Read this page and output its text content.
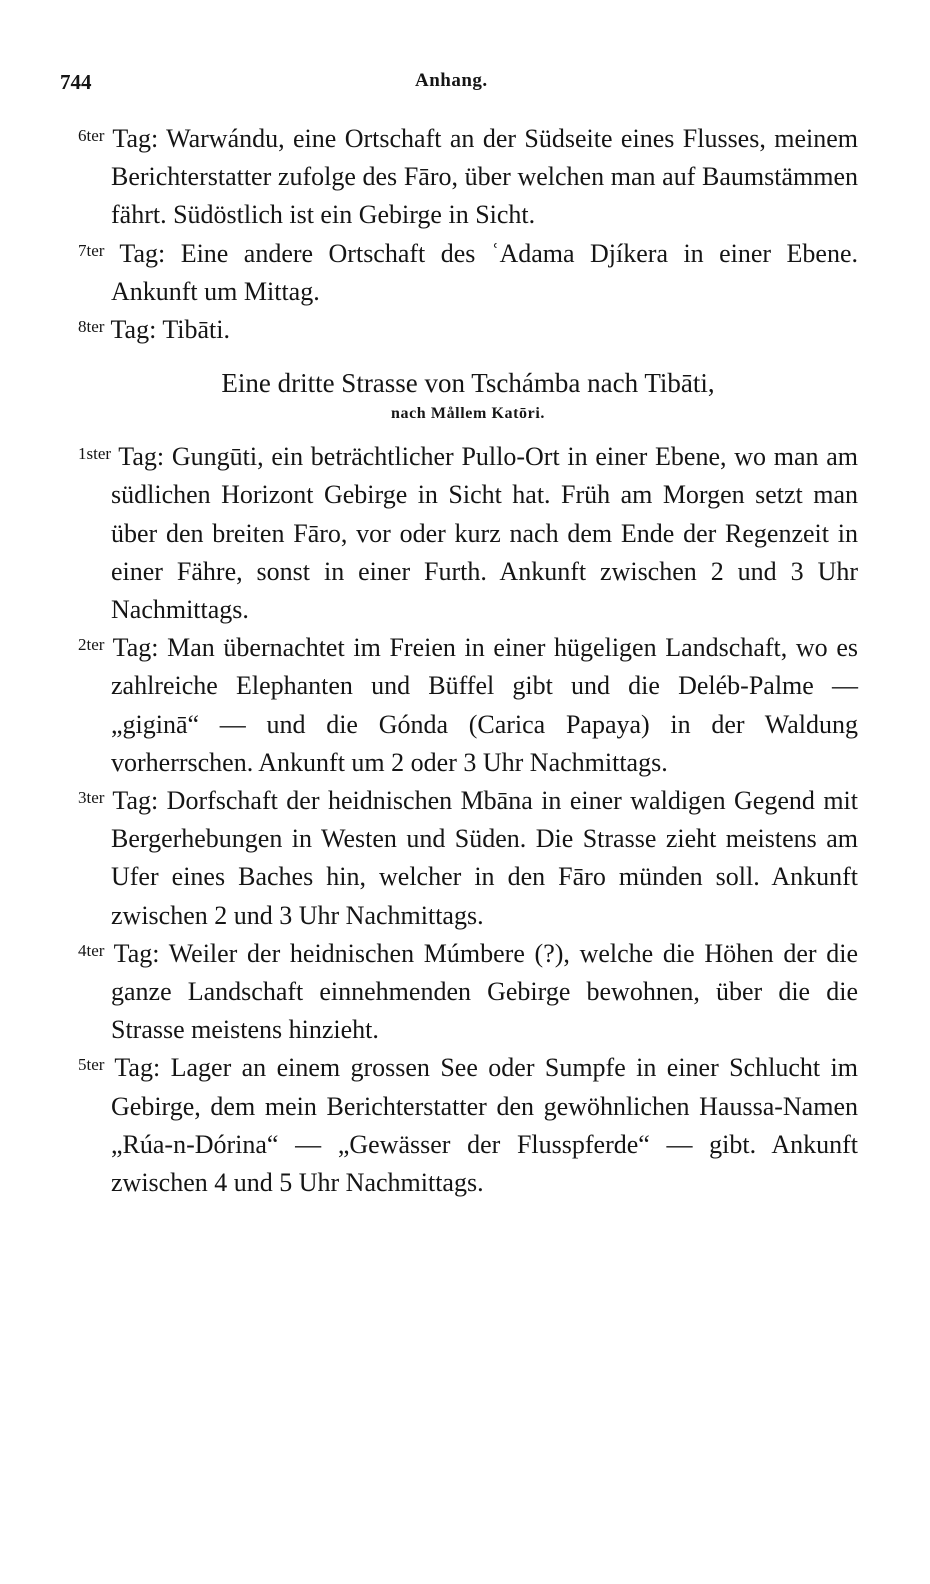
744	Anhang.

$^{6ter}$ Tag: Warwándu, eine Ortschaft an der Südseite eines Flusses, meinem Berichterstatter zufolge des Fāro, über welchen man auf Baumstämmen fährt. Südöstlich ist ein Gebirge in Sicht.

$^{7ter}$ Tag: Eine andere Ortschaft des ʿAdama Djíkera in einer Ebene. Ankunft um Mittag.

$^{8ter}$ Tag: Tibāti.

Eine dritte Strasse von Tschámba nach Tibāti,

nach Mållem Katōri.

$^{1ster}$ Tag: Gungūti, ein beträchtlicher Pullo-Ort in einer Ebene, wo man am südlichen Horizont Gebirge in Sicht hat. Früh am Morgen setzt man über den breiten Fāro, vor oder kurz nach dem Ende der Regenzeit in einer Fähre, sonst in einer Furth. Ankunft zwischen 2 und 3 Uhr Nachmittags.

$^{2ter}$ Tag: Man übernachtet im Freien in einer hügeligen Landschaft, wo es zahlreiche Elephanten und Büffel gibt und die Deléb-Palme — „giginā“ — und die Gónda (Carica Papaya) in der Waldung vorherrschen. Ankunft um 2 oder 3 Uhr Nachmittags.

$^{3ter}$ Tag: Dorfschaft der heidnischen Mbāna in einer waldigen Gegend mit Bergerhebungen in Westen und Süden. Die Strasse zieht meistens am Ufer eines Baches hin, welcher in den Fāro münden soll. Ankunft zwischen 2 und 3 Uhr Nachmittags.

$^{4ter}$ Tag: Weiler der heidnischen Múmbere (?), welche die Höhen der die ganze Landschaft einnehmenden Gebirge bewohnen, über die die Strasse meistens hinzieht.

$^{5ter}$ Tag: Lager an einem grossen See oder Sumpfe in einer Schlucht im Gebirge, dem mein Berichterstatter den gewöhnlichen Haussa-Namen „Rúa-n-Dórina“ — „Gewässer der Flusspferde“ — gibt. Ankunft zwischen 4 und 5 Uhr Nachmittags.
